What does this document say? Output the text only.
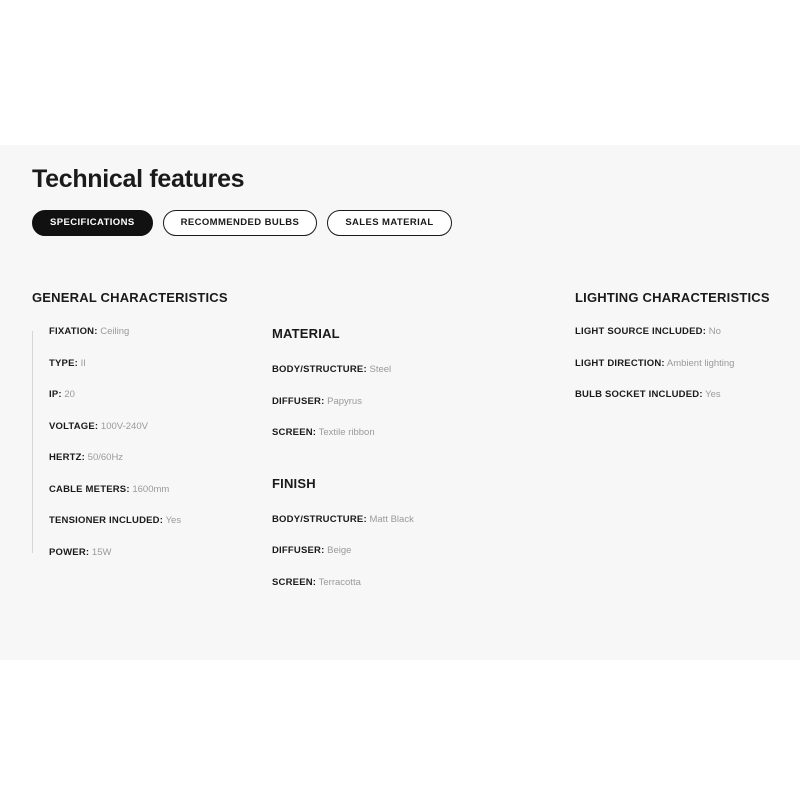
Technical features
SPECIFICATIONS	RECOMMENDED BULBS	SALES MATERIAL
GENERAL CHARACTERISTICS
FIXATION: Ceiling
TYPE: II
IP: 20
VOLTAGE: 100V-240V
HERTZ: 50/60Hz
CABLE METERS: 1600mm
TENSIONER INCLUDED: Yes
POWER: 15W
MATERIAL
BODY/STRUCTURE: Steel
DIFFUSER: Papyrus
SCREEN: Textile ribbon
FINISH
BODY/STRUCTURE: Matt Black
DIFFUSER: Beige
SCREEN: Terracotta
LIGHTING CHARACTERISTICS
LIGHT SOURCE INCLUDED: No
LIGHT DIRECTION: Ambient lighting
BULB SOCKET INCLUDED: Yes
